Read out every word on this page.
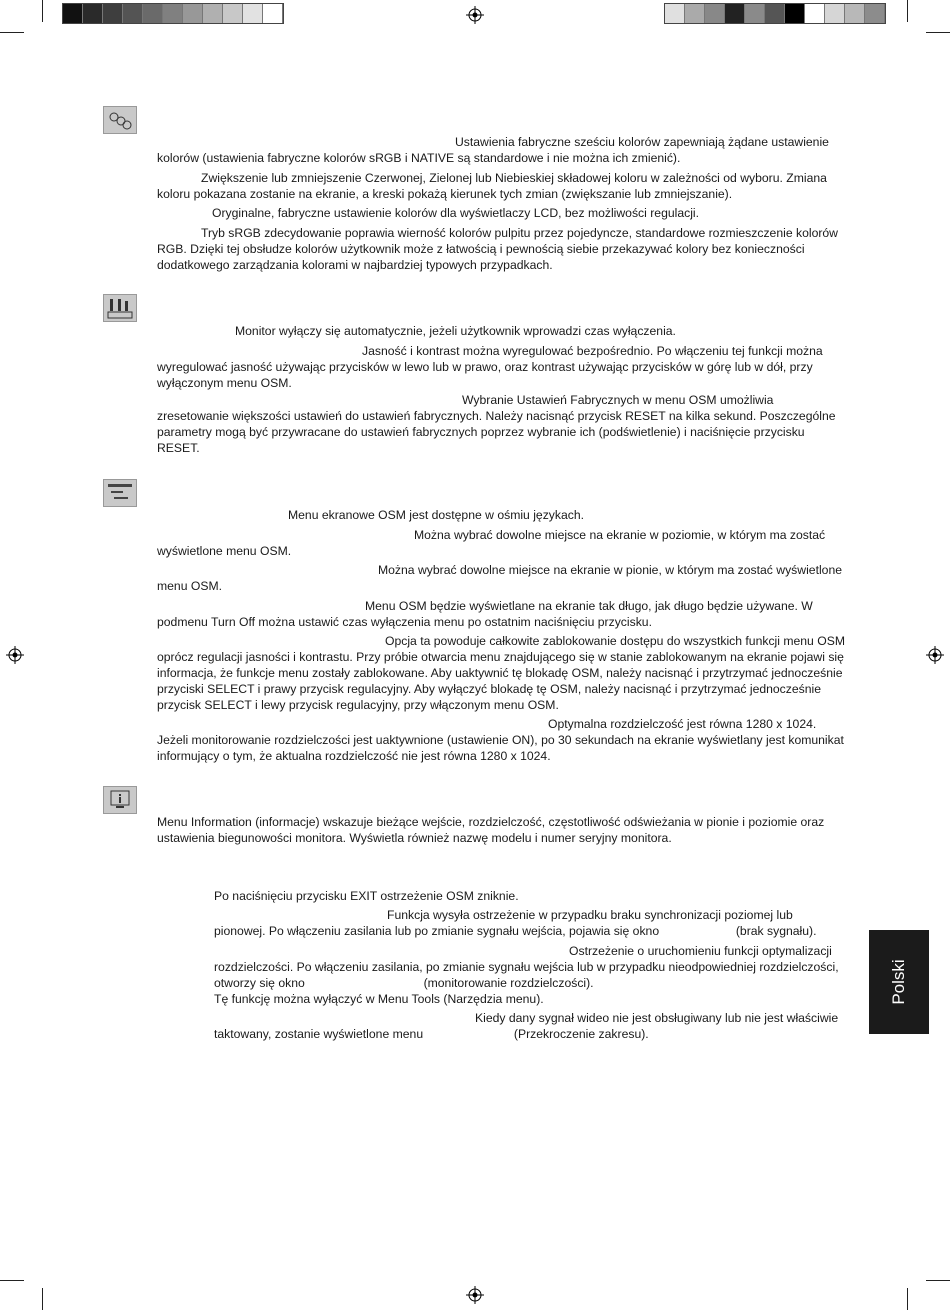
Ustawienia fabryczne sześciu kolorów zapewniają żądane ustawienie kolorów (ustawienia fabryczne kolorów sRGB i NATIVE są standardowe i nie można ich zmienić).
Zwiększenie lub zmniejszenie Czerwonej, Zielonej lub Niebieskiej składowej koloru w zależności od wyboru. Zmiana koloru pokazana zostanie na ekranie, a kreski pokażą kierunek tych zmian (zwiększanie lub zmniejszanie).
Oryginalne, fabryczne ustawienie kolorów dla wyświetlaczy LCD, bez możliwości regulacji.
Tryb sRGB zdecydowanie poprawia wierność kolorów pulpitu przez pojedyncze, standardowe rozmieszczenie kolorów RGB. Dzięki tej obsłudze kolorów użytkownik może z łatwością i pewnością siebie przekazywać kolory bez konieczności dodatkowego zarządzania kolorami w najbardziej typowych przypadkach.
Monitor wyłączy się automatycznie, jeżeli użytkownik wprowadzi czas wyłączenia.
Jasność i kontrast można wyregulować bezpośrednio. Po włączeniu tej funkcji można wyregulować jasność używając przycisków w lewo lub w prawo, oraz kontrast używając przycisków w górę lub w dół, przy wyłączonym menu OSM.
Wybranie Ustawień Fabrycznych w menu OSM umożliwia zresetowanie większości ustawień do ustawień fabrycznych. Należy nacisnąć przycisk RESET na kilka sekund. Poszczególne parametry mogą być przywracane do ustawień fabrycznych poprzez wybranie ich (podświetlenie) i naciśnięcie przycisku RESET.
Menu ekranowe OSM jest dostępne w ośmiu językach.
Można wybrać dowolne miejsce na ekranie w poziomie, w którym ma zostać wyświetlone menu OSM.
Można wybrać dowolne miejsce na ekranie w pionie, w którym ma zostać wyświetlone menu OSM.
Menu OSM będzie wyświetlane na ekranie tak długo, jak długo będzie używane. W podmenu Turn Off można ustawić czas wyłączenia menu po ostatnim naciśnięciu przycisku.
Opcja ta powoduje całkowite zablokowanie dostępu do wszystkich funkcji menu OSM oprócz regulacji jasności i kontrastu. Przy próbie otwarcia menu znajdującego się w stanie zablokowanym na ekranie pojawi się informacja, że funkcje menu zostały zablokowane. Aby uaktywnić tę blokadę OSM, należy nacisnąć i przytrzymać jednocześnie przyciski SELECT i prawy przycisk regulacyjny. Aby wyłączyć blokadę tę OSM, należy nacisnąć i przytrzymać jednocześnie przycisk SELECT i lewy przycisk regulacyjny, przy włączonym menu OSM.
Optymalna rozdzielczość jest równa 1280 x 1024. Jeżeli monitorowanie rozdzielczości jest uaktywnione (ustawienie ON), po 30 sekundach na ekranie wyświetlany jest komunikat informujący o tym, że aktualna rozdzielczość nie jest równa 1280 x 1024.
Menu Information (informacje) wskazuje bieżące wejście, rozdzielczość, częstotliwość odświeżania w pionie i poziomie oraz ustawienia biegunowości monitora. Wyświetla również nazwę modelu i numer seryjny monitora.
Po naciśnięciu przycisku EXIT ostrzeżenie OSM zniknie.
Funkcja wysyła ostrzeżenie w przypadku braku synchronizacji poziomej lub pionowej. Po włączeniu zasilania lub po zmianie sygnału wejścia, pojawia się okno	(brak sygnału).
Ostrzeżenie o uruchomieniu funkcji optymalizacji rozdzielczości. Po włączeniu zasilania, po zmianie sygnału wejścia lub w przypadku nieodpowiedniej rozdzielczości, otworzy się okno	(monitorowanie rozdzielczości).
Tę funkcję można wyłączyć w Menu Tools (Narzędzia menu).
Kiedy dany sygnał wideo nie jest obsługiwany lub nie jest właściwie taktowany, zostanie wyświetlone menu	(Przekroczenie zakresu).
Polski
